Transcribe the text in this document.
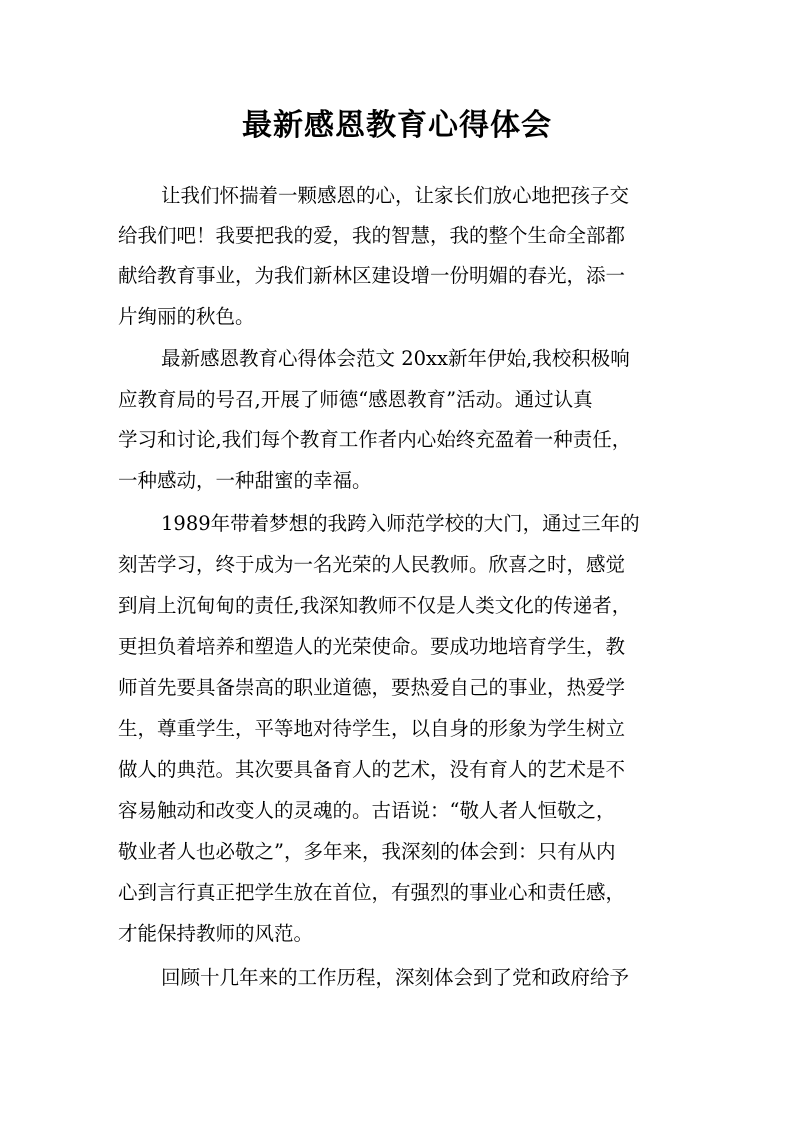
最新感恩教育心得体会

让我们怀揣着一颗感恩的心，让家长们放心地把孩子交

给我们吧！我要把我的爱，我的智慧，我的整个生命全部都

献给教育事业，为我们新林区建设增一份明媚的春光，添一

片绚丽的秋色。

最新感恩教育心得体会范文 20xx新年伊始,我校积极响

应教育局的号召,开展了师德“感恩教育”活动。通过认真

学习和讨论,我们每个教育工作者内心始终充盈着一种责任，

一种感动，一种甜蜜的幸福。

1989年带着梦想的我跨入师范学校的大门，通过三年的

刻苦学习，终于成为一名光荣的人民教师。欣喜之时，感觉

到肩上沉甸甸的责任,我深知教师不仅是人类文化的传递者，

更担负着培养和塑造人的光荣使命。要成功地培育学生，教

师首先要具备崇高的职业道德，要热爱自己的事业，热爱学

生，尊重学生，平等地对待学生，以自身的形象为学生树立

做人的典范。其次要具备育人的艺术，没有育人的艺术是不

容易触动和改变人的灵魂的。古语说：“敬人者人恒敬之，

敬业者人也必敬之”，多年来，我深刻的体会到：只有从内

心到言行真正把学生放在首位，有强烈的事业心和责任感，

才能保持教师的风范。

回顾十几年来的工作历程，深刻体会到了党和政府给予
